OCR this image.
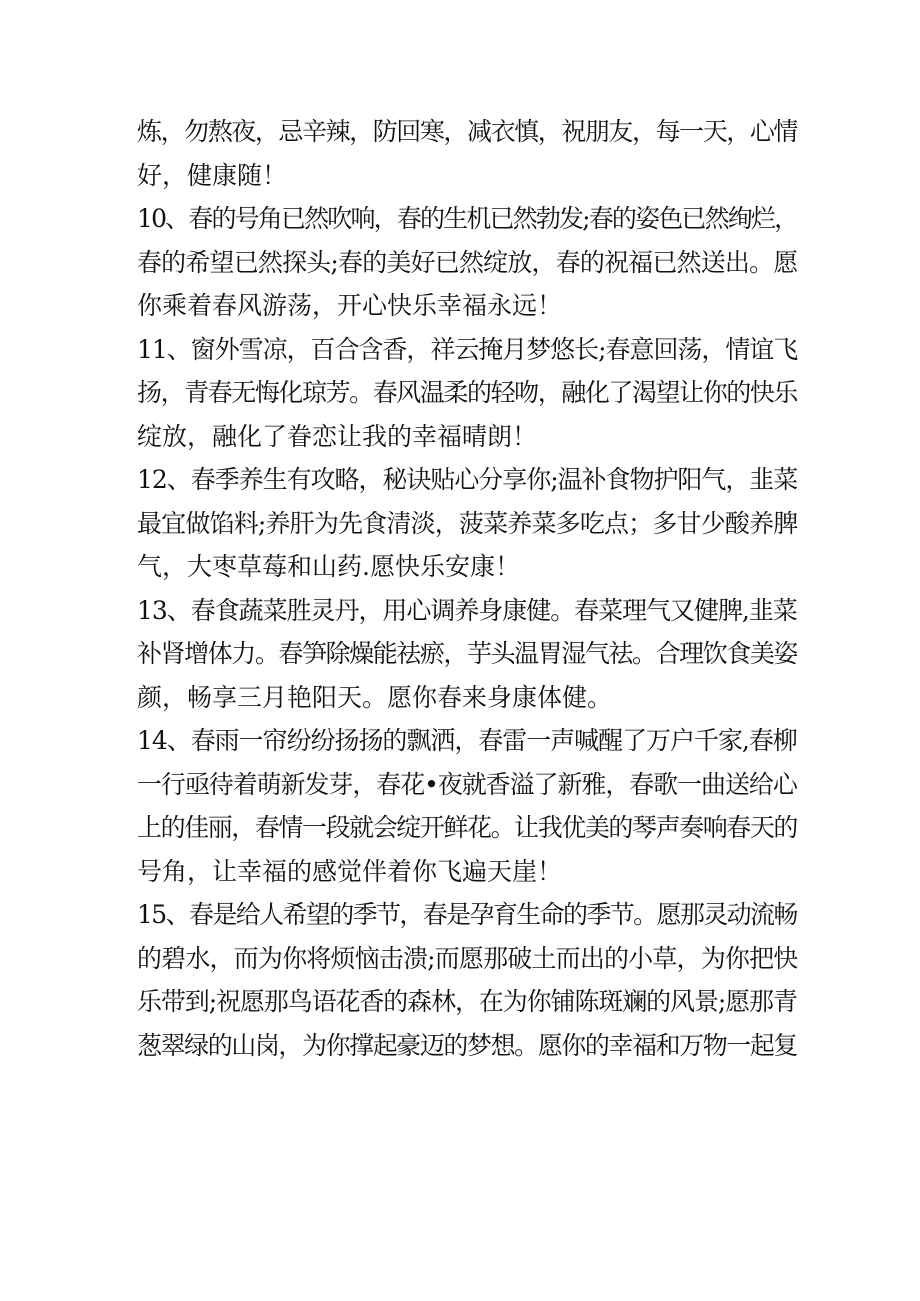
炼，勿熬夜，忌辛辣，防回寒，减衣慎，祝朋友，每一天，心情
好，健康随！

10、春的号角已然吹响，春的生机已然勃发;春的姿色已然绚烂，
春的希望已然探头;春的美好已然绽放，春的祝福已然送出。愿
你乘着春风游荡，开心快乐幸福永远！

11、窗外雪凉，百合含香，祥云掩月梦悠长;春意回荡，情谊飞
扬，青春无悔化琼芳。春风温柔的轻吻，融化了渴望让你的快乐
绽放，融化了眷恋让我的幸福晴朗！

12、春季养生有攻略，秘诀贴心分享你;温补食物护阳气，韭菜
最宜做馅料;养肝为先食清淡，菠菜养菜多吃点；多甘少酸养脾
气，大枣草莓和山药.愿快乐安康！

13、春食蔬菜胜灵丹，用心调养身康健。春菜理气又健脾,韭菜
补肾增体力。春笋除燥能祛瘀，芋头温胃湿气祛。合理饮食美姿
颜，畅享三月艳阳天。愿你春来身康体健。

14、春雨一帘纷纷扬扬的飘洒，春雷一声喊醒了万户千家,春柳
一行亟待着萌新发芽，春花•夜就香溢了新雅，春歌一曲送给心
上的佳丽，春情一段就会绽开鲜花。让我优美的琴声奏响春天的
号角，让幸福的感觉伴着你飞遍天崖！

15、春是给人希望的季节，春是孕育生命的季节。愿那灵动流畅
的碧水，而为你将烦恼击溃;而愿那破土而出的小草，为你把快
乐带到;祝愿那鸟语花香的森林，在为你铺陈斑斓的风景;愿那青
葱翠绿的山岗，为你撑起豪迈的梦想。愿你的幸福和万物一起复
